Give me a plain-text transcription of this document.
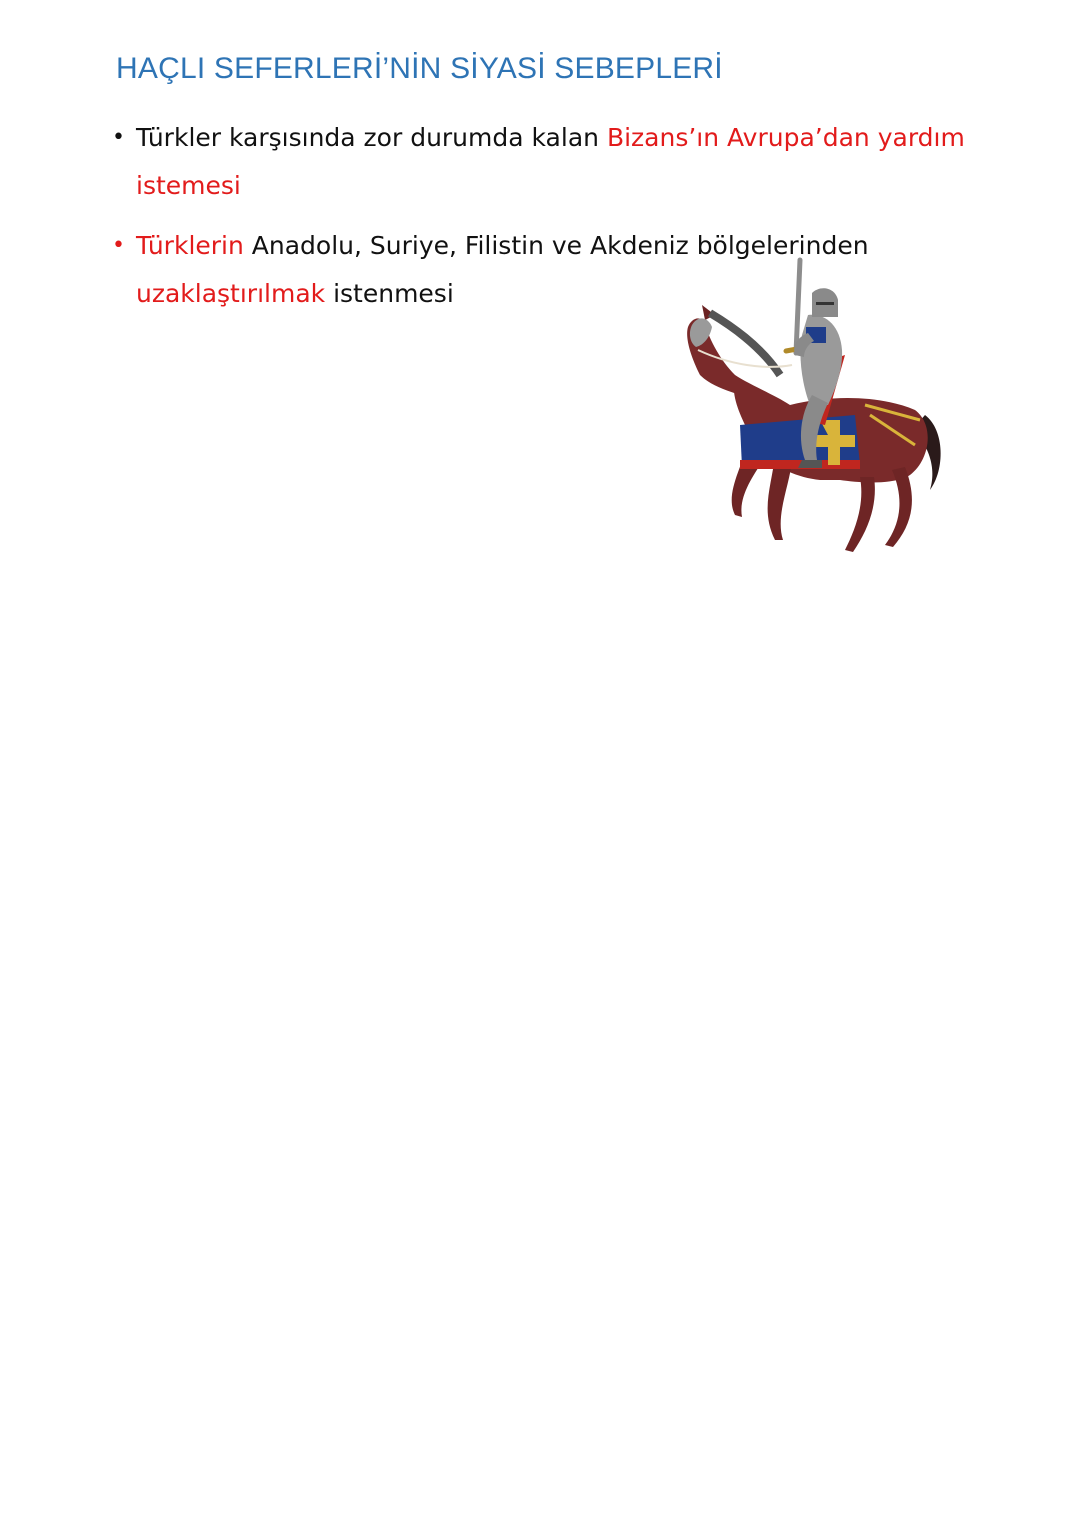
HAÇLI SEFERLERİ’NİN SİYASİ SEBEPLERİ
• Türkler karşısında zor durumda kalan Bizans’ın Avrupa’dan yardım istemesi
• Türklerin Anadolu, Suriye, Filistin ve Akdeniz bölgelerinden uzaklaştırılmak istenmesi
